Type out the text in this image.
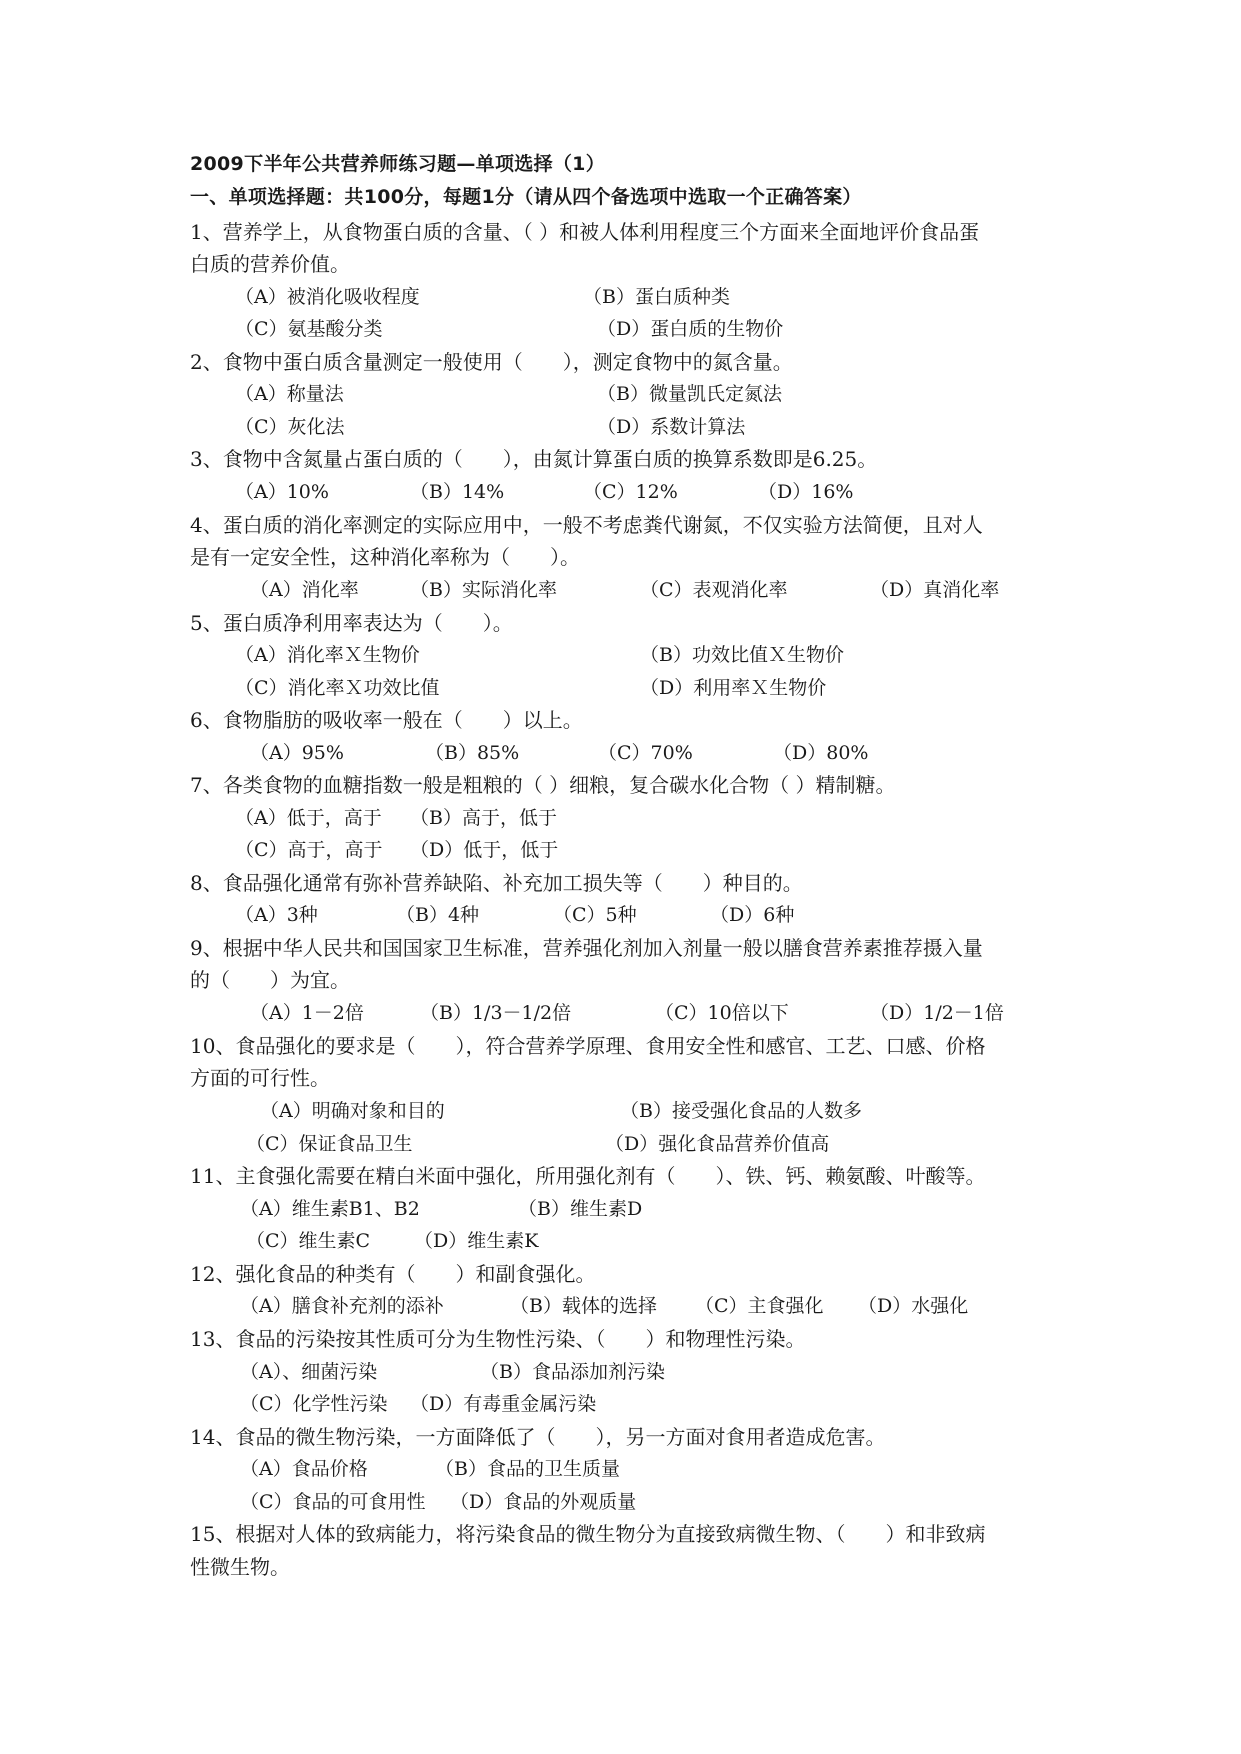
2009下半年公共营养师练习题—单项选择（1）
一、单项选择题：共100分，每题1分（请从四个备选项中选取一个正确答案）
1、营养学上，从食物蛋白质的含量、（ ）和被人体利用程度三个方面来全面地评价食品蛋
白质的营养价值。
（A）被消化吸收程度	（B）蛋白质种类
（C）氨基酸分类	（D）蛋白质的生物价
2、食物中蛋白质含量测定一般使用（　　），测定食物中的氮含量。
（A）称量法	（B）微量凯氏定氮法
（C）灰化法	（D）系数计算法
3、食物中含氮量占蛋白质的（　　），由氮计算蛋白质的换算系数即是6.25。
（A）10%	（B）14%	（C）12%	（D）16%
4、蛋白质的消化率测定的实际应用中，一般不考虑粪代谢氮，不仅实验方法简便，且对人
是有一定安全性，这种消化率称为（　　）。
（A）消化率	（B）实际消化率	（C）表观消化率	（D）真消化率
5、蛋白质净利用率表达为（　　）。
（A）消化率Ｘ生物价	（B）功效比值Ｘ生物价
（C）消化率Ｘ功效比值	（D）利用率Ｘ生物价
6、食物脂肪的吸收率一般在（　　）以上。
（A）95%	（B）85%	（C）70%	（D）80%
7、各类食物的血糖指数一般是粗粮的（ ）细粮，复合碳水化合物（ ）精制糖。
（A）低于，高于 （B）高于，低于
（C）高于，高于 （D）低于，低于
8、食品强化通常有弥补营养缺陷、补充加工损失等（　　）种目的。
（A）3种	（B）4种	（C）5种	（D）6种
9、根据中华人民共和国国家卫生标准，营养强化剂加入剂量一般以膳食营养素推荐摄入量
的（　　）为宜。
（A）1－2倍	（B）1/3－1/2倍	（C）10倍以下	（D）1/2－1倍
10、食品强化的要求是（　　），符合营养学原理、食用安全性和感官、工艺、口感、价格
方面的可行性。
（A）明确对象和目的	（B）接受强化食品的人数多
（C）保证食品卫生	（D）强化食品营养价值高
11、主食强化需要在精白米面中强化，所用强化剂有（　　）、铁、钙、赖氨酸、叶酸等。
（A）维生素B1、B2	（B）维生素D
（C）维生素C （D）维生素K
12、强化食品的种类有（　　）和副食强化。
（A）膳食补充剂的添补	（B）载体的选择 （C）主食强化 （D）水强化
13、食品的污染按其性质可分为生物性污染、（　　）和物理性污染。
（A）、细菌污染	（B）食品添加剂污染
（C）化学性污染 （D）有毒重金属污染
14、食品的微生物污染，一方面降低了（　　），另一方面对食用者造成危害。
（A）食品价格	（B）食品的卫生质量
（C）食品的可食用性 （D）食品的外观质量
15、根据对人体的致病能力，将污染食品的微生物分为直接致病微生物、（　　）和非致病
性微生物。
